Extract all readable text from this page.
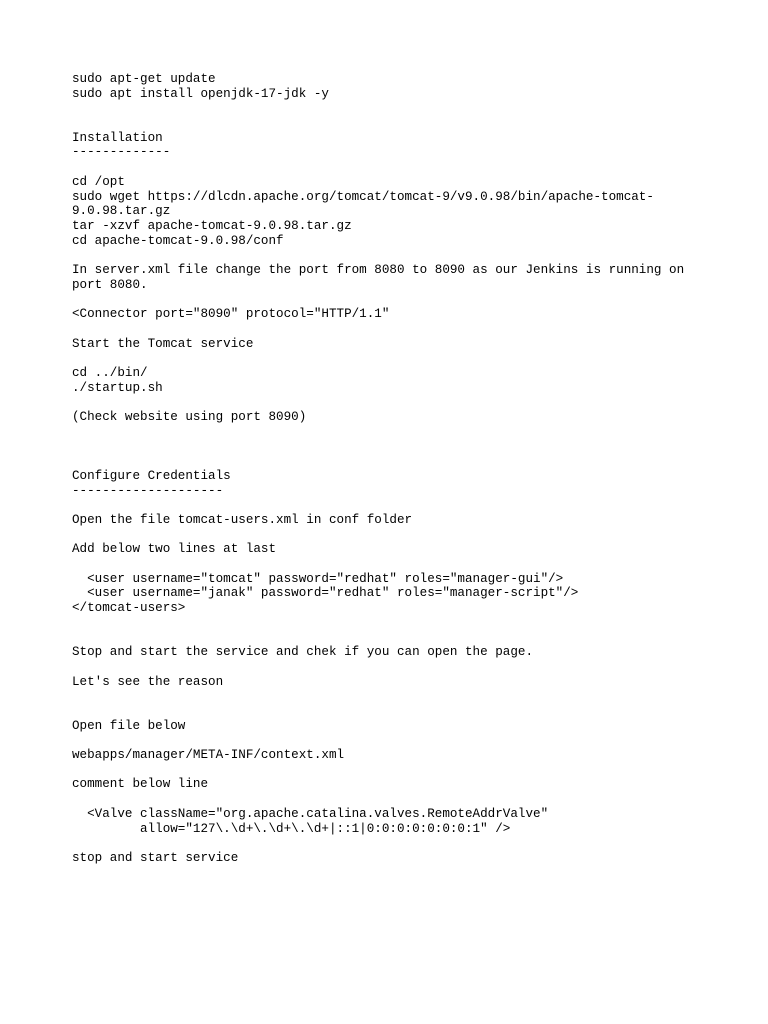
sudo apt-get update
sudo apt install openjdk-17-jdk -y
Installation
-------------
cd /opt
sudo wget https://dlcdn.apache.org/tomcat/tomcat-9/v9.0.98/bin/apache-tomcat-
9.0.98.tar.gz
tar -xzvf apache-tomcat-9.0.98.tar.gz
cd apache-tomcat-9.0.98/conf
In server.xml file change the port from 8080 to 8090 as our Jenkins is running on
port 8080.
<Connector port="8090" protocol="HTTP/1.1"
Start the Tomcat service
cd ../bin/
./startup.sh
(Check website using port 8090)
Configure Credentials
--------------------
Open the file tomcat-users.xml in conf folder
Add below two lines at last
<user username="tomcat" password="redhat" roles="manager-gui"/>
<user username="janak" password="redhat" roles="manager-script"/>
</tomcat-users>
Stop and start the service and chek if you can open the page.
Let's see the reason
Open file below
webapps/manager/META-INF/context.xml
comment below line
<Valve className="org.apache.catalina.valves.RemoteAddrValve"
allow="127\.\d+\.\d+\.\d+|::1|0:0:0:0:0:0:0:1" />
stop and start service
